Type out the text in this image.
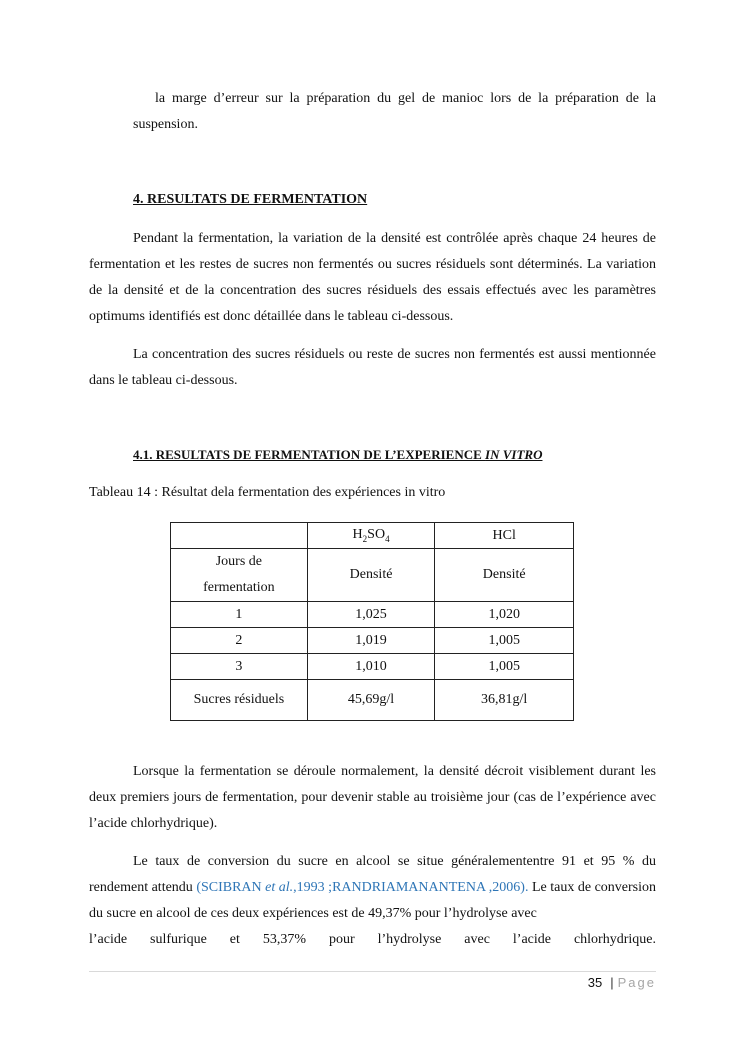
la marge d’erreur sur la préparation du gel de manioc lors de la préparation de la

suspension.

4. RESULTATS DE FERMENTATION

Pendant la fermentation, la variation de la densité est contrôlée après chaque 24 heures de fermentation et les restes de sucres non fermentés ou sucres résiduels sont déterminés. La variation de la densité et de la concentration des sucres résiduels des essais effectués avec les paramètres optimums identifiés est donc détaillée dans le tableau ci-dessous.

La concentration des sucres résiduels ou reste de sucres non fermentés est aussi mentionnée dans le tableau ci-dessous.

4.1. RESULTATS DE FERMENTATION DE L’EXPERIENCE IN VITRO
Tableau 14 : Résultat dela fermentation des expériences in vitro
	$H_2SO_4$	HCl
Jours de
fermentation	Densité	Densité
1	1,025	1,020
2	1,019	1,005
3	1,010	1,005
Sucres résiduels	45,69g/l	36,81g/l

Lorsque la fermentation se déroule normalement, la densité décroit visiblement durant les deux premiers jours de fermentation, pour devenir stable au troisième jour (cas de l’expérience avec l’acide chlorhydrique).

Le taux de conversion du sucre en alcool se situe généralemententre 91 et 95 % du rendement attendu (SCIBRAN et al.,1993 ;RANDRIAMANANTENA ,2006). Le taux de conversion du sucre en alcool de ces deux expériences est de 49,37% pour l’hydrolyse avec

l’acide sulfurique et 53,37% pour l’hydrolyse avec l’acide chlorhydrique.

35 | Page
